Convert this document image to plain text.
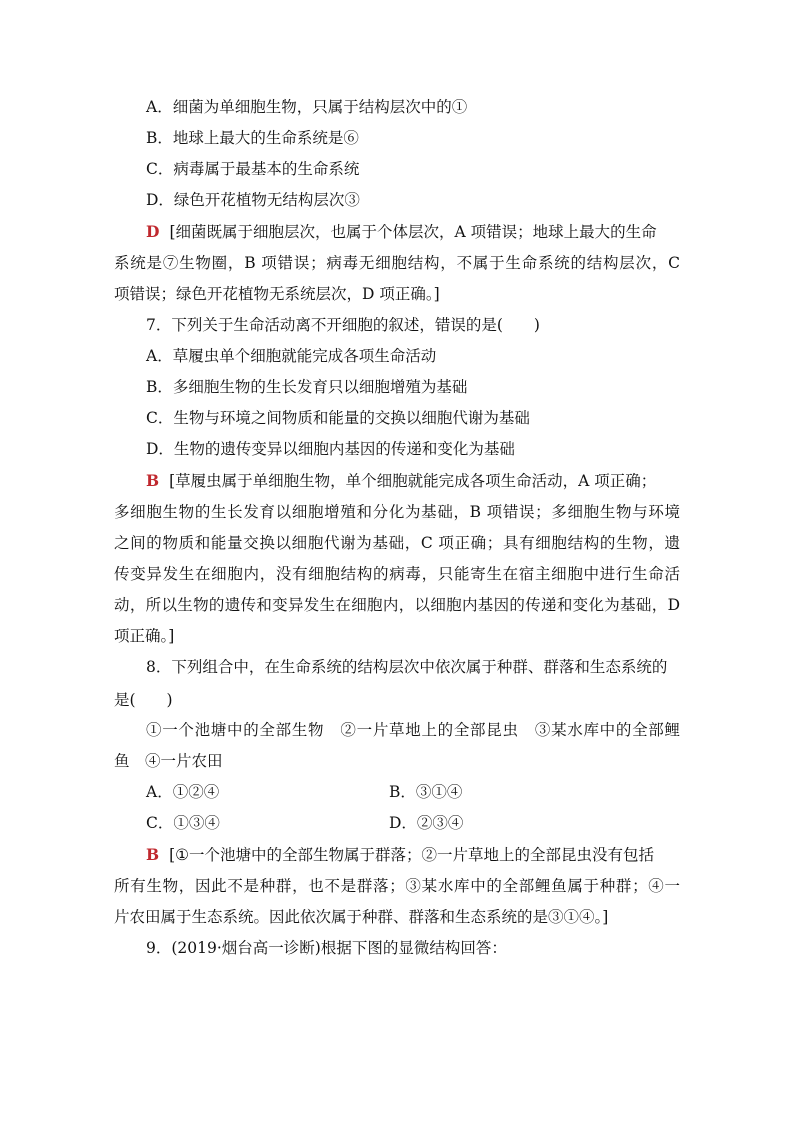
A．细菌为单细胞生物，只属于结构层次中的①
B．地球上最大的生命系统是⑥
C．病毒属于最基本的生命系统
D．绿色开花植物无结构层次③
D [细菌既属于细胞层次，也属于个体层次，A 项错误；地球上最大的生命
系统是⑦生物圈，B 项错误；病毒无细胞结构，不属于生命系统的结构层次，C
项错误；绿色开花植物无系统层次，D 项正确。]
7．下列关于生命活动离不开细胞的叙述，错误的是(　　)
A．草履虫单个细胞就能完成各项生命活动
B．多细胞生物的生长发育只以细胞增殖为基础
C．生物与环境之间物质和能量的交换以细胞代谢为基础
D．生物的遗传变异以细胞内基因的传递和变化为基础
B [草履虫属于单细胞生物，单个细胞就能完成各项生命活动，A 项正确；
多细胞生物的生长发育以细胞增殖和分化为基础，B 项错误；多细胞生物与环境
之间的物质和能量交换以细胞代谢为基础，C 项正确；具有细胞结构的生物，遗
传变异发生在细胞内，没有细胞结构的病毒，只能寄生在宿主细胞中进行生命活
动，所以生物的遗传和变异发生在细胞内，以细胞内基因的传递和变化为基础，D
项正确。]
8．下列组合中，在生命系统的结构层次中依次属于种群、群落和生态系统的
是(　　)
①一个池塘中的全部生物　②一片草地上的全部昆虫　③某水库中的全部鲤
鱼　④一片农田
A．①②④	B．③①④
C．①③④	D．②③④
B [①一个池塘中的全部生物属于群落；②一片草地上的全部昆虫没有包括
所有生物，因此不是种群，也不是群落；③某水库中的全部鲤鱼属于种群；④一
片农田属于生态系统。因此依次属于种群、群落和生态系统的是③①④。]
9．(2019·烟台高一诊断)根据下图的显微结构回答：
